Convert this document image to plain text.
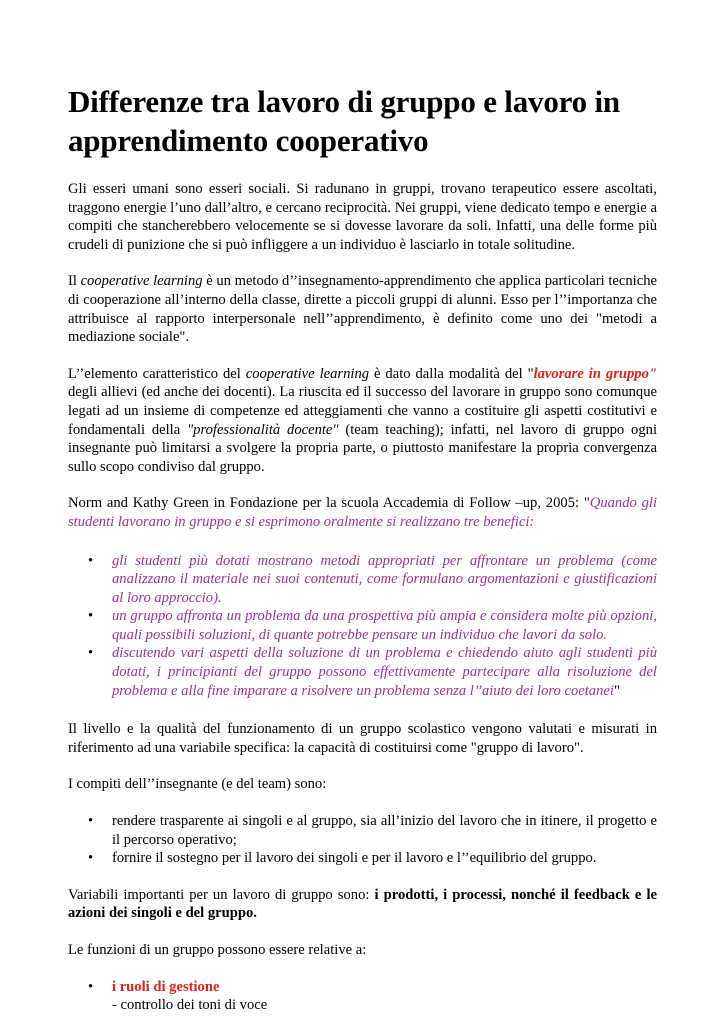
Differenze tra lavoro di gruppo e lavoro in apprendimento cooperativo

Gli esseri umani sono esseri sociali. Si radunano in gruppi, trovano terapeutico essere ascoltati, traggono energie l’uno dall’altro, e cercano reciprocità. Nei gruppi, viene dedicato tempo e energie a compiti che stancherebbero velocemente se si dovesse lavorare da soli. Infatti, una delle forme più crudeli di punizione che si può infliggere a un individuo è lasciarlo in totale solitudine.

Il cooperative learning è un metodo d’’insegnamento-apprendimento che applica particolari tecniche di cooperazione all’interno della classe, dirette a piccoli gruppi di alunni. Esso per l’’importanza che attribuisce al rapporto interpersonale nell’’apprendimento, è definito come uno dei "metodi a mediazione sociale".

L’’elemento caratteristico del cooperative learning è dato dalla modalità del "lavorare in gruppo" degli allievi (ed anche dei docenti). La riuscita ed il successo del lavorare in gruppo sono comunque legati ad un insieme di competenze ed atteggiamenti che vanno a costituire gli aspetti costitutivi e fondamentali della "professionalità docente" (team teaching); infatti, nel lavoro di gruppo ogni insegnante può limitarsi a svolgere la propria parte, o piuttosto manifestare la propria convergenza sullo scopo condiviso dal gruppo.

Norm and Kathy Green in Fondazione per la scuola Accademia di Follow –up, 2005: "Quando gli studenti lavorano in gruppo e si esprimono oralmente si realizzano tre benefici:

• gli studenti più dotati mostrano metodi appropriati per affrontare un problema (come analizzano il materiale nei suoi contenuti, come formulano argomentazioni e giustificazioni al loro approccio).
• un gruppo affronta un problema da una prospettiva più ampia e considera molte più opzioni, quali possibili soluzioni, di quante potrebbe pensare un individuo che lavori da solo.
• discutendo vari aspetti della soluzione di un problema e chiedendo aiuto agli studenti più dotati, i principianti del gruppo possono effettivamente partecipare alla risoluzione del problema e alla fine imparare a risolvere un problema senza l’’aiuto dei loro coetanei"

Il livello e la qualità del funzionamento di un gruppo scolastico vengono valutati e misurati in riferimento ad una variabile specifica: la capacità di costituirsi come "gruppo di lavoro".

I compiti dell’’insegnante (e del team) sono:

• rendere trasparente ai singoli e al gruppo, sia all’inizio del lavoro che in itinere, il progetto e il percorso operativo;
• fornire il sostegno per il lavoro dei singoli e per il lavoro e l’’equilibrio del gruppo.

Variabili importanti per un lavoro di gruppo sono: i prodotti, i processi, nonché il feedback e le azioni dei singoli e del gruppo.

Le funzioni di un gruppo possono essere relative a:

• i ruoli di gestione
- controllo dei toni di voce
